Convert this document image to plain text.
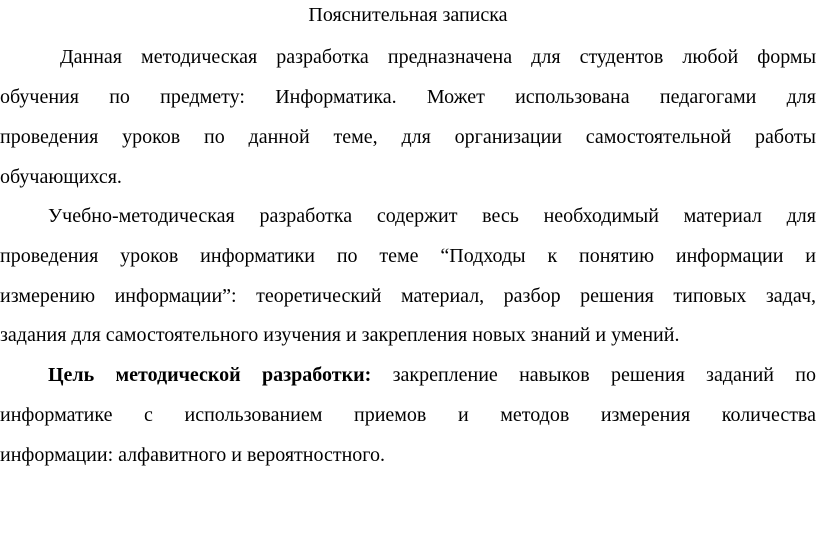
Пояснительная записка
Данная методическая разработка предназначена для студентов любой формы
обучения по предмету: Информатика. Может использована педагогами для
проведения уроков по данной теме, для организации самостоятельной работы
обучающихся.
Учебно-методическая разработка содержит весь необходимый материал для
проведения уроков информатики по теме “Подходы к понятию информации и
измерению информации”: теоретический материал, разбор решения типовых задач,
задания для самостоятельного изучения и закрепления новых знаний и умений.
Цель методической разработки: закрепление навыков решения заданий по
информатике с использованием приемов и методов измерения количества
информации: алфавитного и вероятностного.
